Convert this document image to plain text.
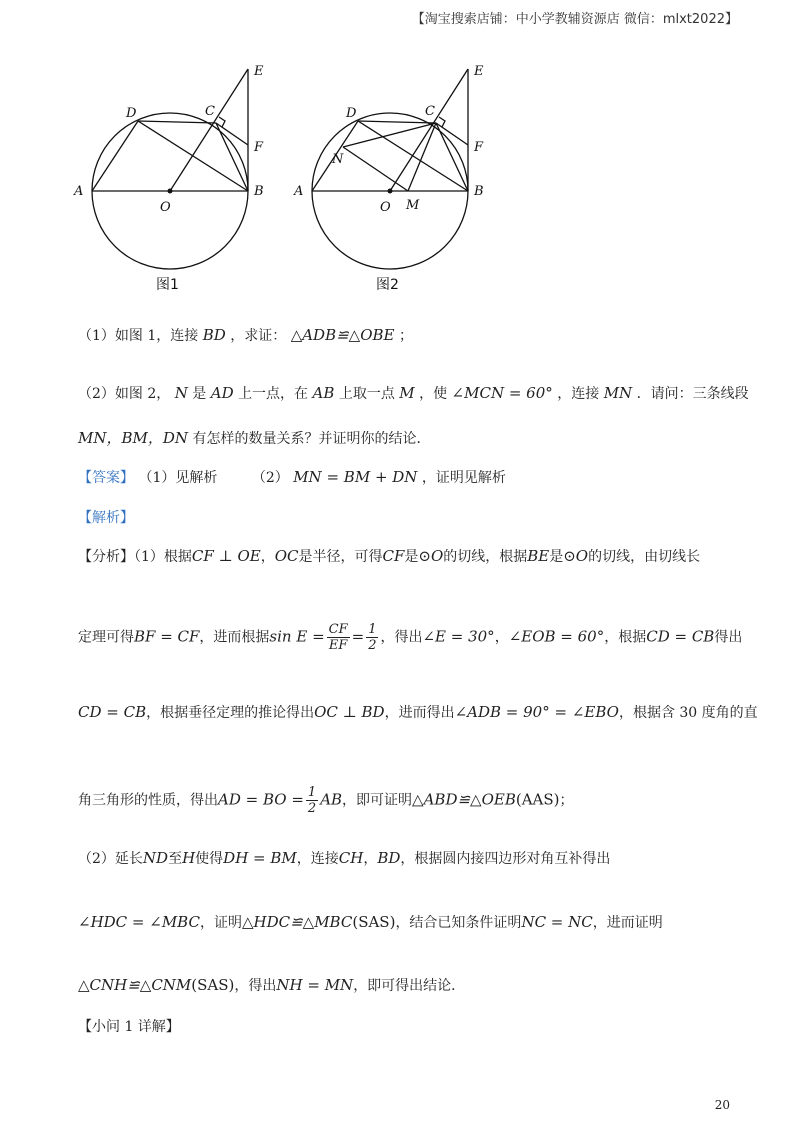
【淘宝搜索店铺：中小学教辅资源店 微信：mlxt2022】
A	B
C
D
E
F
O
图1
A	B
C
D
E
F
O
N
M
图2
（1）如图 1，连接 BD ，求证： △ADB≌△OBE ；
（2）如图 2， N 是 AD 上一点，在 AB 上取一点 M ，使 ∠MCN = 60° ，连接 MN ．请问：三条线段
MN，BM，DN 有怎样的数量关系？并证明你的结论．
【答案】 （1）见解析 （2） MN = BM + DN ，证明见解析
【解析】
【分析】（1）根据CF ⊥ OE，OC是半径，可得CF是⊙O的切线，根据BE是⊙O的切线，由切线长
定理可得BF = CF，进而根据$\sin E = \frac{CF}{EF} = \frac{1}{2}$ ，得出∠E = 30°，∠EOB = 60°，根据CD = CB得出
CD = CB，根据垂径定理的推论得出OC ⊥ BD，进而得出∠ADB = 90° = ∠EBO，根据含 30 度角的直
角三角形的性质，得出AD = BO = $\frac{1}{2}$ AB，即可证明△ABD≌△OEB(AAS)；
（2）延长ND至H使得DH = BM，连接CH，BD，根据圆内接四边形对角互补得出
∠HDC = ∠MBC，证明△HDC≌△MBC(SAS)，结合已知条件证明NC = NC，进而证明
△CNH≌△CNM(SAS)，得出NH = MN，即可得出结论．
【小问 1 详解】
20
